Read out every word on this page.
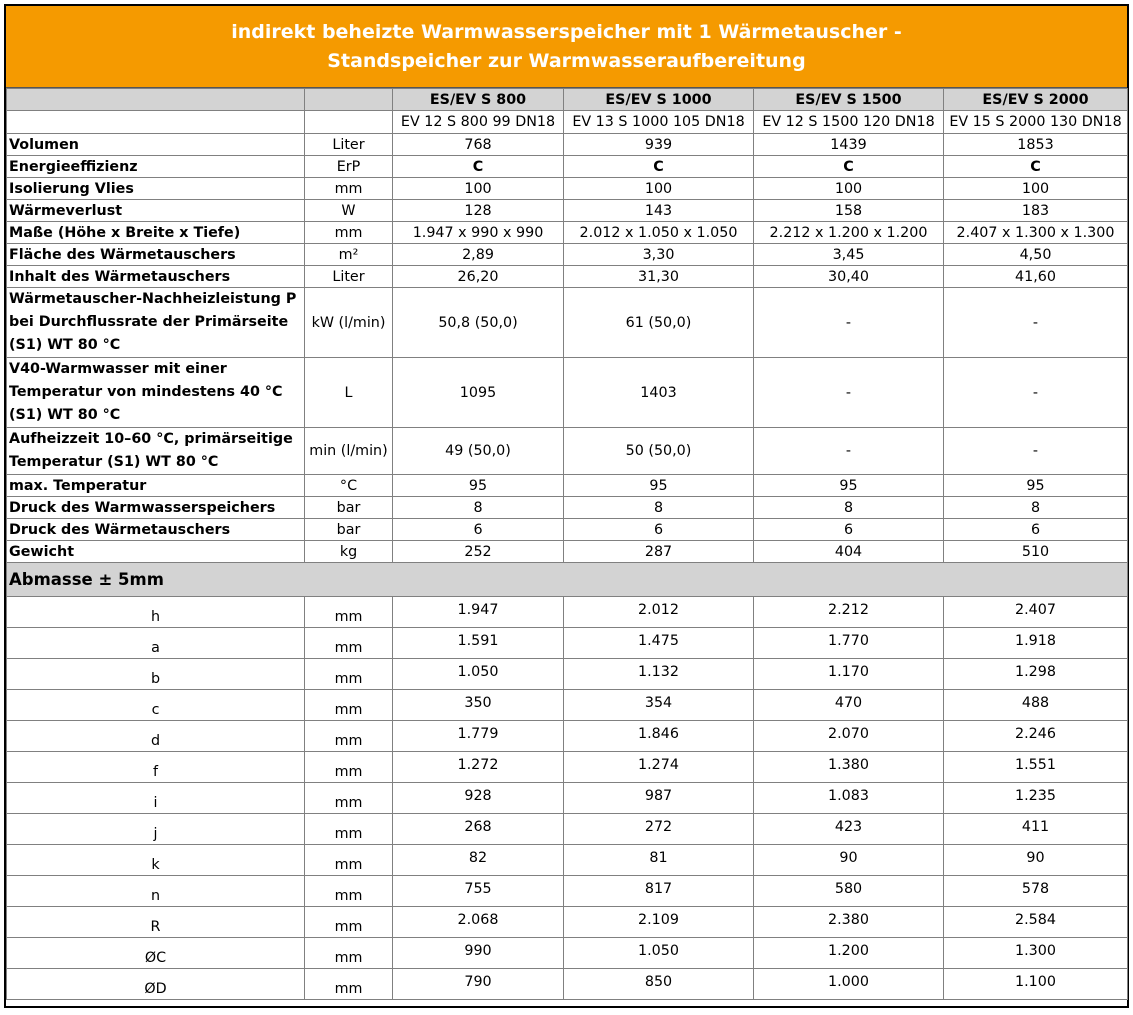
indirekt beheizte Warmwasserspeicher mit 1 Wärmetauscher -
Standspeicher zur Warmwasseraufbereitung
		ES/EV S 800	ES/EV S 1000	ES/EV S 1500	ES/EV S 2000
		EV 12 S 800 99 DN18	EV 13 S 1000 105 DN18	EV 12 S 1500 120 DN18	EV 15 S 2000 130 DN18
Volumen	Liter	768	939	1439	1853
Energieeffizienz	ErP	C	C	C	C
Isolierung Vlies	mm	100	100	100	100
Wärmeverlust	W	128	143	158	183
Maße (Höhe x Breite x Tiefe)	mm	1.947 x 990 x 990	2.012 x 1.050 x 1.050	2.212 x 1.200 x 1.200	2.407 x 1.300 x 1.300
Fläche des Wärmetauschers	m²	2,89	3,30	3,45	4,50
Inhalt des Wärmetauschers	Liter	26,20	31,30	30,40	41,60
Wärmetauscher-Nachheizleistung P bei Durchflussrate der Primärseite (S1) WT 80 °C	kW (l/min)	50,8 (50,0)	61 (50,0)	-	-
V40-Warmwasser mit einer Temperatur von mindestens 40 °C (S1) WT 80 °C	L	1095	1403	-	-
Aufheizzeit 10–60 °C, primärseitige Temperatur (S1) WT 80 °C	min (l/min)	49 (50,0)	50 (50,0)	-	-
max. Temperatur	°C	95	95	95	95
Druck des Warmwasserspeichers	bar	8	8	8	8
Druck des Wärmetauschers	bar	6	6	6	6
Gewicht	kg	252	287	404	510
Abmasse ± 5mm					
h	mm	1.947	2.012	2.212	2.407
a	mm	1.591	1.475	1.770	1.918
b	mm	1.050	1.132	1.170	1.298
c	mm	350	354	470	488
d	mm	1.779	1.846	2.070	2.246
f	mm	1.272	1.274	1.380	1.551
i	mm	928	987	1.083	1.235
j	mm	268	272	423	411
k	mm	82	81	90	90
n	mm	755	817	580	578
R	mm	2.068	2.109	2.380	2.584
ØC	mm	990	1.050	1.200	1.300
ØD	mm	790	850	1.000	1.100
